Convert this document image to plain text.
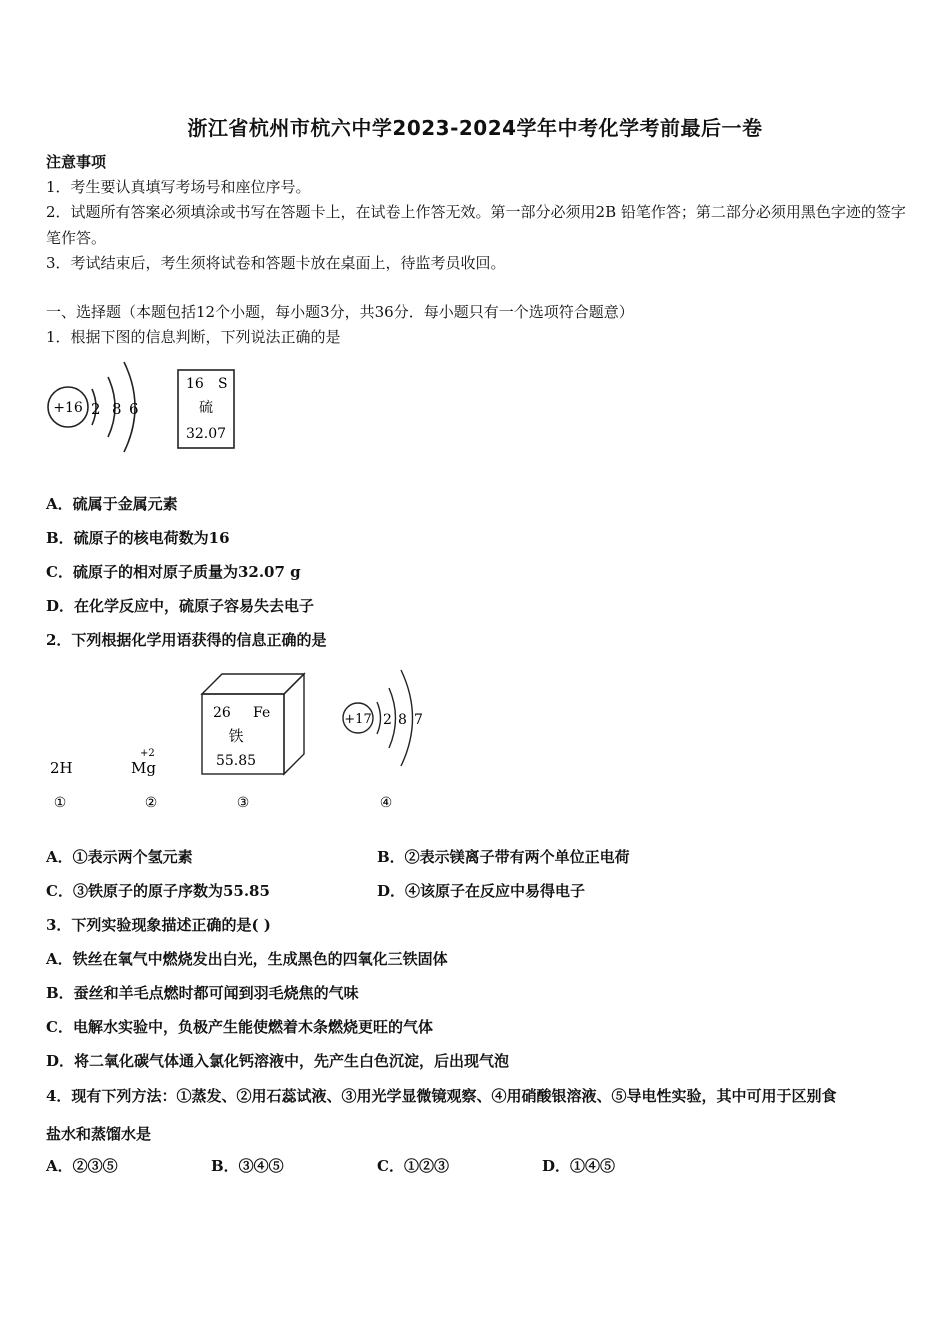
浙江省杭州市杭六中学2023-2024学年中考化学考前最后一卷
注意事项
1．考生要认真填写考场号和座位序号。
2．试题所有答案必须填涂或书写在答题卡上，在试卷上作答无效。第一部分必须用2B 铅笔作答；第二部分必须用黑色字迹的签字笔作答。
3．考试结束后，考生须将试卷和答题卡放在桌面上，待监考员收回。
一、选择题（本题包括12个小题，每小题3分，共36分．每小题只有一个选项符合题意）
1．根据下图的信息判断，下列说法正确的是
+16 2 8 6
16 S
硫
32.07
A．硫属于金属元素
B．硫原子的核电荷数为16
C．硫原子的相对原子质量为32.07 g
D．在化学反应中，硫原子容易失去电子
2．下列根据化学用语获得的信息正确的是
2H
+2
Mg
26 Fe
铁
55.85
+17 2 8 7
①	②	③	④
A．①表示两个氢元素	B．②表示镁离子带有两个单位正电荷
C．③铁原子的原子序数为55.85	D．④该原子在反应中易得电子
3．下列实验现象描述正确的是( )
A．铁丝在氧气中燃烧发出白光，生成黑色的四氧化三铁固体
B．蚕丝和羊毛点燃时都可闻到羽毛烧焦的气味
C．电解水实验中，负极产生能使燃着木条燃烧更旺的气体
D．将二氧化碳气体通入氯化钙溶液中，先产生白色沉淀，后出现气泡
4．现有下列方法：①蒸发、②用石蕊试液、③用光学显微镜观察、④用硝酸银溶液、⑤导电性实验，其中可用于区别食
盐水和蒸馏水是
A．②③⑤	B．③④⑤	C．①②③	D．①④⑤
